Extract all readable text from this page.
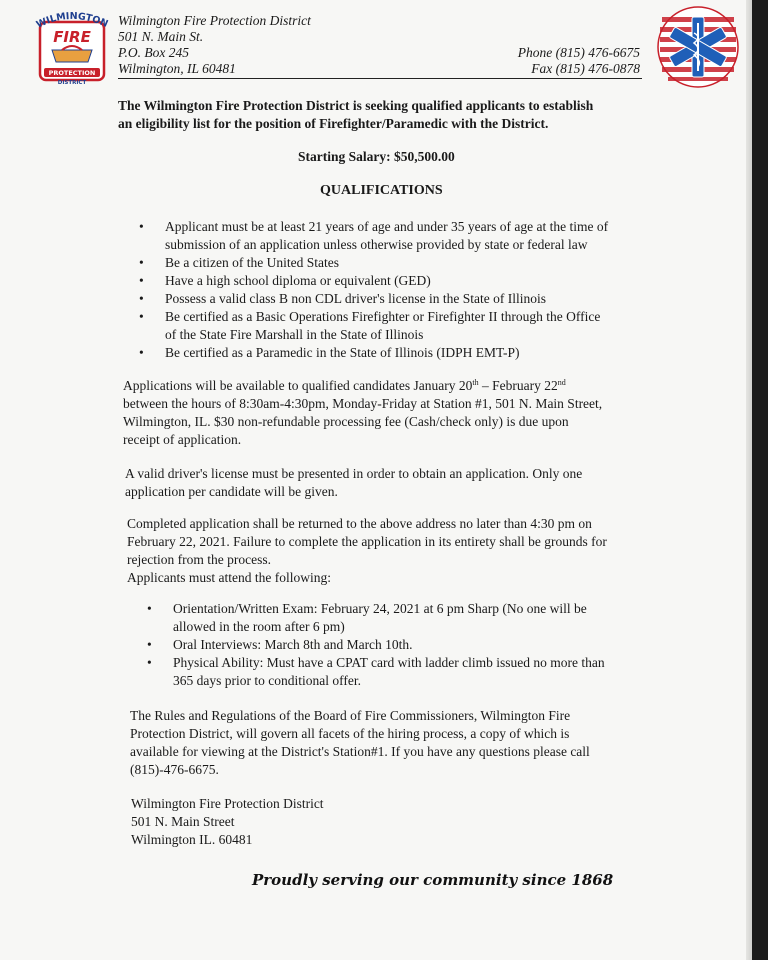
WILMINGTON
FIRE
PROTECTION
DISTRICT
Wilmington Fire Protection District
501 N. Main St.
P.O. Box 245
Wilmington, IL 60481
Phone (815) 476-6675
Fax (815) 476-0878
The Wilmington Fire Protection District is seeking qualified applicants to establish
an eligibility list for the position of Firefighter/Paramedic with the District.
Starting Salary: $50,500.00
QUALIFICATIONS
• Applicant must be at least 21 years of age and under 35 years of age at the time of
submission of an application unless otherwise provided by state or federal law
• Be a citizen of the United States
• Have a high school diploma or equivalent (GED)
• Possess a valid class B non CDL driver's license in the State of Illinois
• Be certified as a Basic Operations Firefighter or Firefighter II through the Office
of the State Fire Marshall in the State of Illinois
• Be certified as a Paramedic in the State of Illinois (IDPH EMT-P)
Applications will be available to qualified candidates January 20th – February 22nd
between the hours of 8:30am-4:30pm, Monday-Friday at Station #1, 501 N. Main Street,
Wilmington, IL. $30 non-refundable processing fee (Cash/check only) is due upon
receipt of application.
A valid driver's license must be presented in order to obtain an application. Only one
application per candidate will be given.
Completed application shall be returned to the above address no later than 4:30 pm on
February 22, 2021. Failure to complete the application in its entirety shall be grounds for
rejection from the process.
Applicants must attend the following:
• Orientation/Written Exam: February 24, 2021 at 6 pm Sharp (No one will be
allowed in the room after 6 pm)
• Oral Interviews: March 8th and March 10th.
• Physical Ability: Must have a CPAT card with ladder climb issued no more than
365 days prior to conditional offer.
The Rules and Regulations of the Board of Fire Commissioners, Wilmington Fire
Protection District, will govern all facets of the hiring process, a copy of which is
available for viewing at the District's Station#1. If you have any questions please call
(815)-476-6675.
Wilmington Fire Protection District
501 N. Main Street
Wilmington IL. 60481
Proudly serving our community since 1868
